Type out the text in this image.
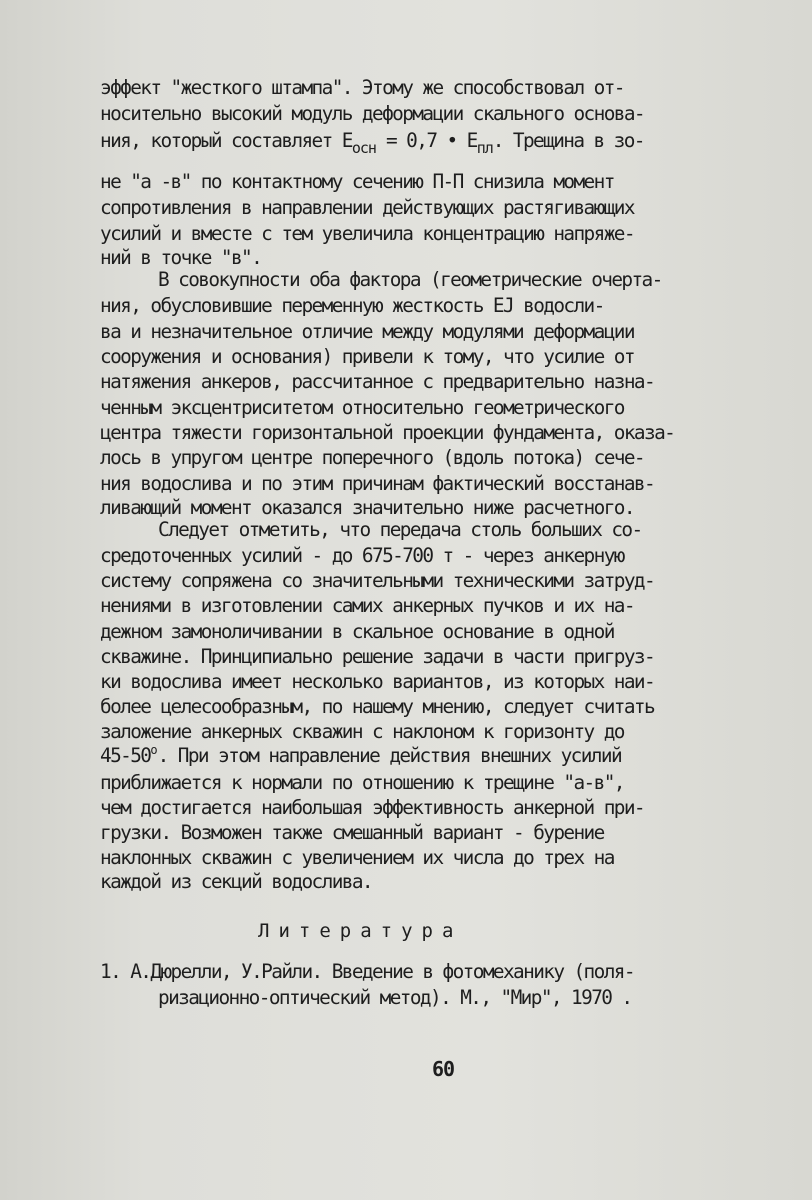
эффект "жесткого штампа". Этому же способствовал от-
носительно высокий модуль деформации скального основа-
ния, который составляет $E_{осн} = 0,7$ • $E_{пл}$. Трещина в зо-
не "а -в" по контактному сечению П-П снизила момент
сопротивления в направлении действующих растягивающих
усилий и вместе с тем увеличила концентрацию напряже-
ний в точке "в".
В совокупности оба фактора (геометрические очерта-
ния, обусловившие переменную жесткость EJ водосли-
ва и незначительное отличие между модулями деформации
сооружения и основания) привели к тому, что усилие от
натяжения анкеров, рассчитанное с предварительно назна-
ченным эксцентриситетом относительно геометрического
центра тяжести горизонтальной проекции фундамента, оказа-
лось в упругом центре поперечного (вдоль потока) сече-
ния водослива и по этим причинам фактический восстанав-
ливающий момент оказался значительно ниже расчетного.
Следует отметить, что передача столь больших со-
средоточенных усилий - до 675-700 т - через анкерную
систему сопряжена со значительными техническими затруд-
нениями в изготовлении самих анкерных пучков и их на-
дежном замоноличивании в скальное основание в одной
скважине. Принципиально решение задачи в части пригруз-
ки водослива имеет несколько вариантов, из которых наи-
более целесообразным, по нашему мнению, следует считать
заложение анкерных скважин с наклоном к горизонту до
$45-50^о$. При этом направление действия внешних усилий
приближается к нормали по отношению к трещине "а-в",
чем достигается наибольшая эффективность анкерной при-
грузки. Возможен также смешанный вариант - бурение
наклонных скважин с увеличением их числа до трех на
каждой из секций водослива.
Литература
1. А.Дюрелли, У.Райли. Введение в фотомеханику (поля-
ризационно-оптический метод). М., "Мир", 1970 .
60
